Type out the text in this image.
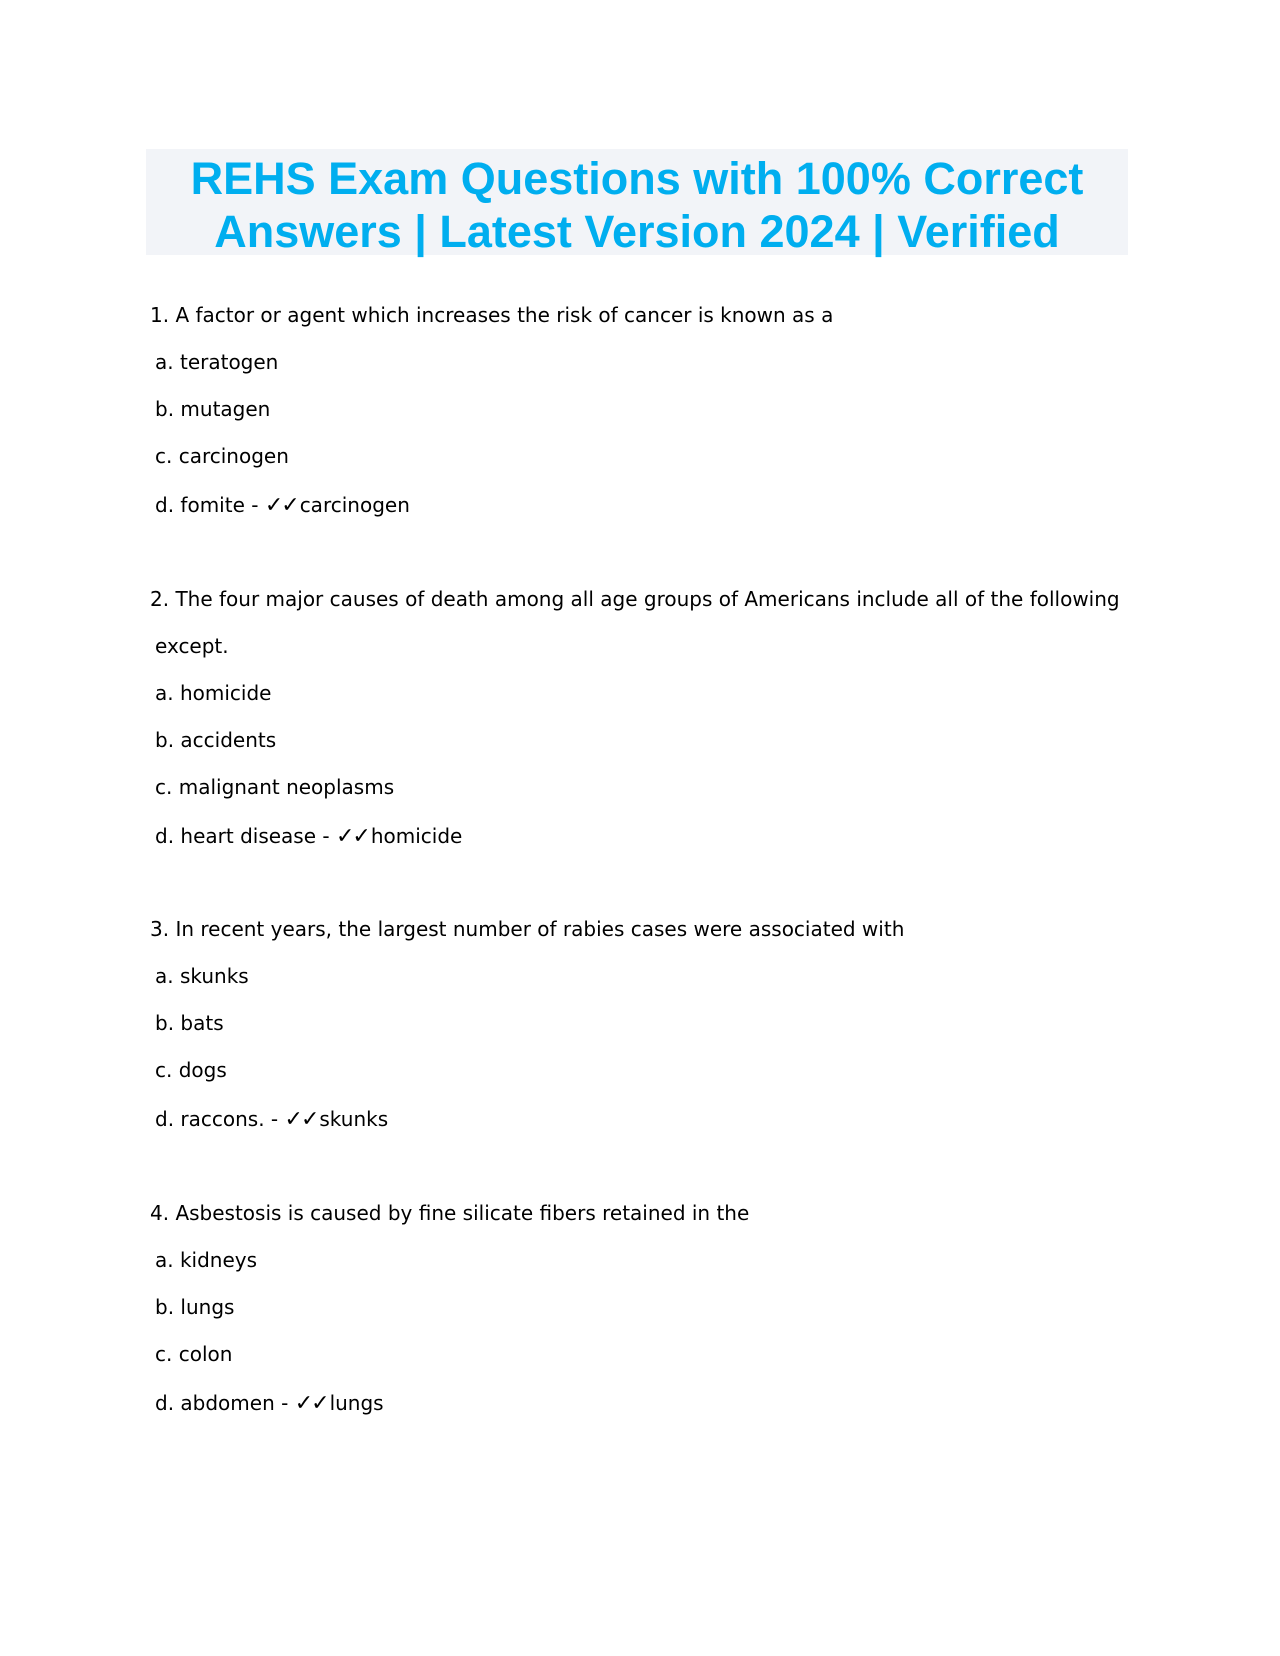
REHS Exam Questions with 100% Correct
Answers | Latest Version 2024 | Verified
1. A factor or agent which increases the risk of cancer is known as a
a. teratogen
b. mutagen
c. carcinogen
d. fomite - ✓✓ carcinogen
2. The four major causes of death among all age groups of Americans include all of the following
except.
a. homicide
b. accidents
c. malignant neoplasms
d. heart disease - ✓✓ homicide
3. In recent years, the largest number of rabies cases were associated with
a. skunks
b. bats
c. dogs
d. raccons. - ✓✓ skunks
4. Asbestosis is caused by fine silicate fibers retained in the
a. kidneys
b. lungs
c. colon
d. abdomen - ✓✓ lungs
